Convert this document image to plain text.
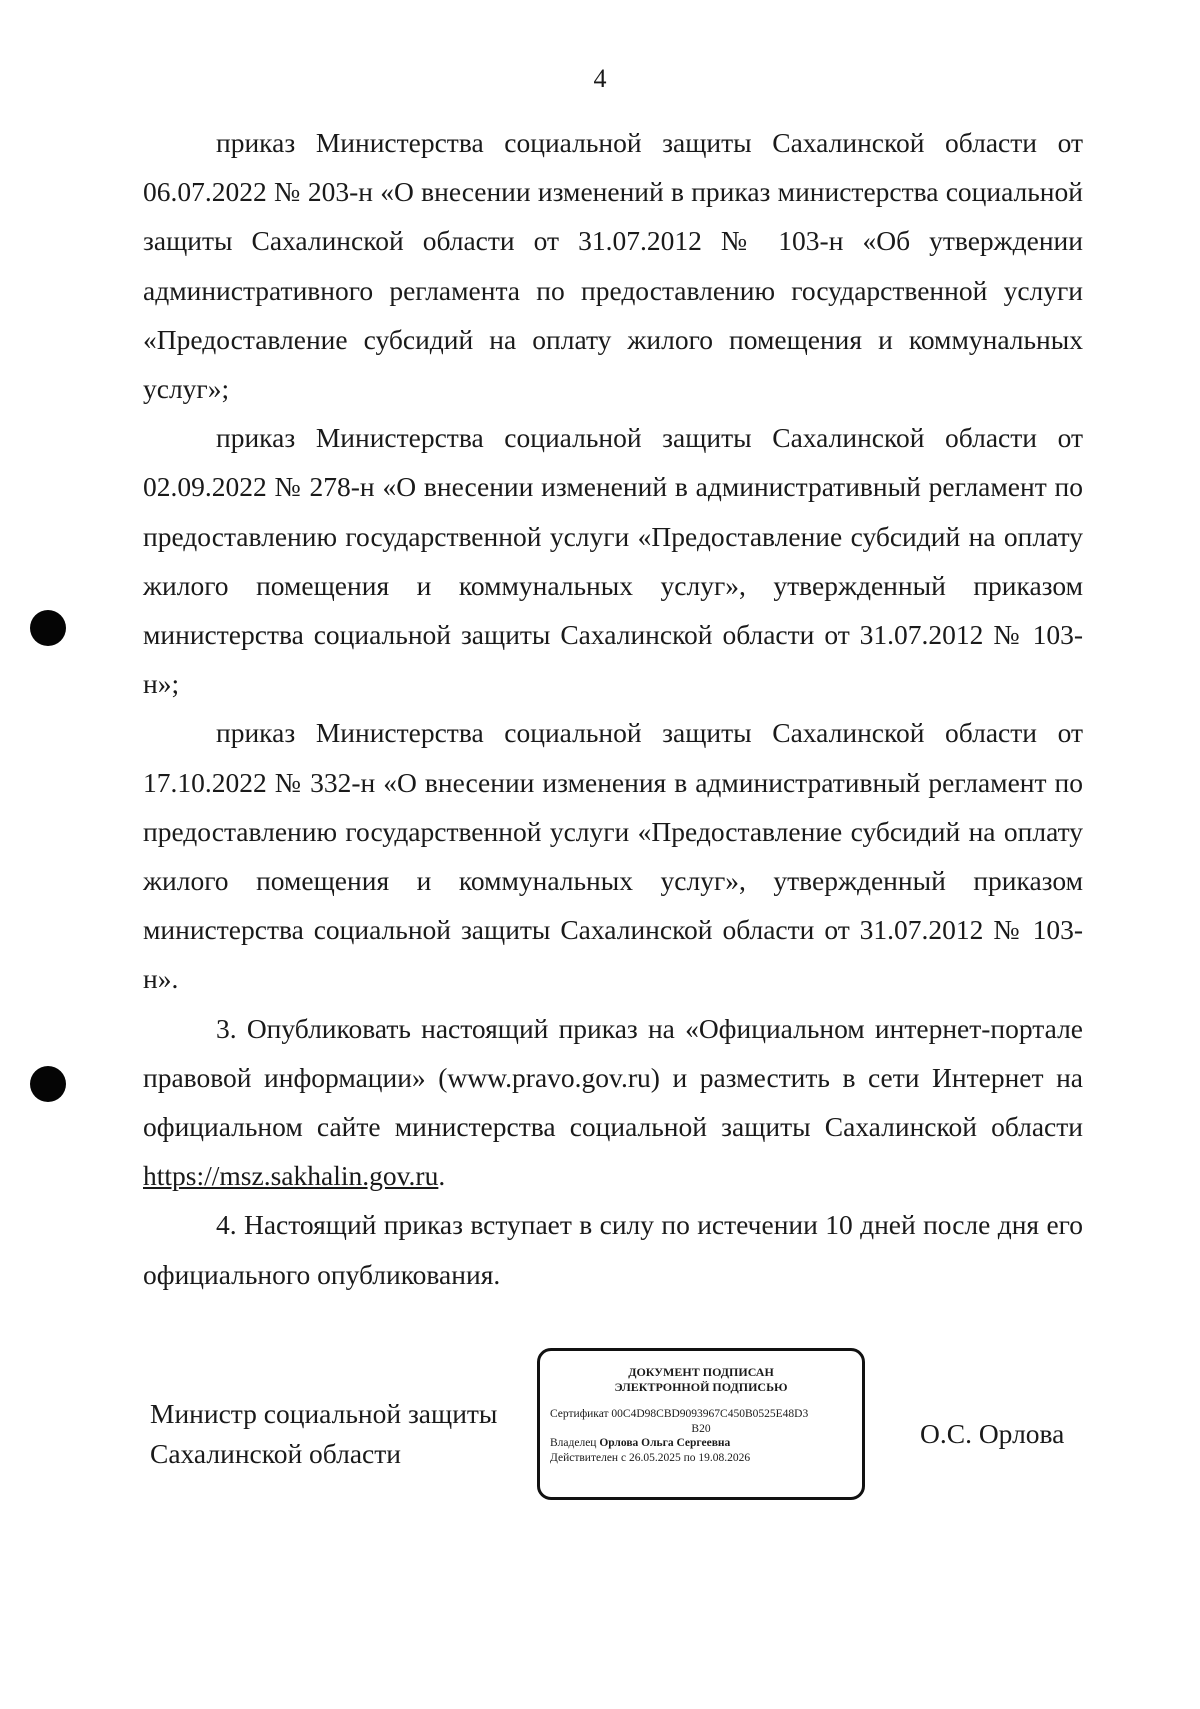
4

приказ Министерства социальной защиты Сахалинской области от 06.07.2022 № 203-н «О внесении изменений в приказ министерства социальной защиты Сахалинской области от 31.07.2012 № 103-н «Об утверждении административного регламента по предоставлению государственной услуги «Предоставление субсидий на оплату жилого помещения и коммунальных услуг»;

приказ Министерства социальной защиты Сахалинской области от 02.09.2022 № 278-н «О внесении изменений в административный регламент по предоставлению государственной услуги «Предоставление субсидий на оплату жилого помещения и коммунальных услуг», утвержденный приказом министерства социальной защиты Сахалинской области от 31.07.2012 № 103-н»;

приказ Министерства социальной защиты Сахалинской области от 17.10.2022 № 332-н «О внесении изменения в административный регламент по предоставлению государственной услуги «Предоставление субсидий на оплату жилого помещения и коммунальных услуг», утвержденный приказом министерства социальной защиты Сахалинской области от 31.07.2012 № 103-н».

3. Опубликовать настоящий приказ на «Официальном интернет-портале правовой информации» (www.pravo.gov.ru) и разместить в сети Интернет на официальном сайте министерства социальной защиты Сахалинской области https://msz.sakhalin.gov.ru.

4. Настоящий приказ вступает в силу по истечении 10 дней после дня его официального опубликования.

Министр социальной защиты
Сахалинской области
ДОКУМЕНТ ПОДПИСАН
ЭЛЕКТРОННОЙ ПОДПИСЬЮ
Сертификат 00C4D98CBD9093967C450B0525E48D3
B20
Владелец Орлова Ольга Сергеевна
Действителен с 26.05.2025 по 19.08.2026
О.С. Орлова
